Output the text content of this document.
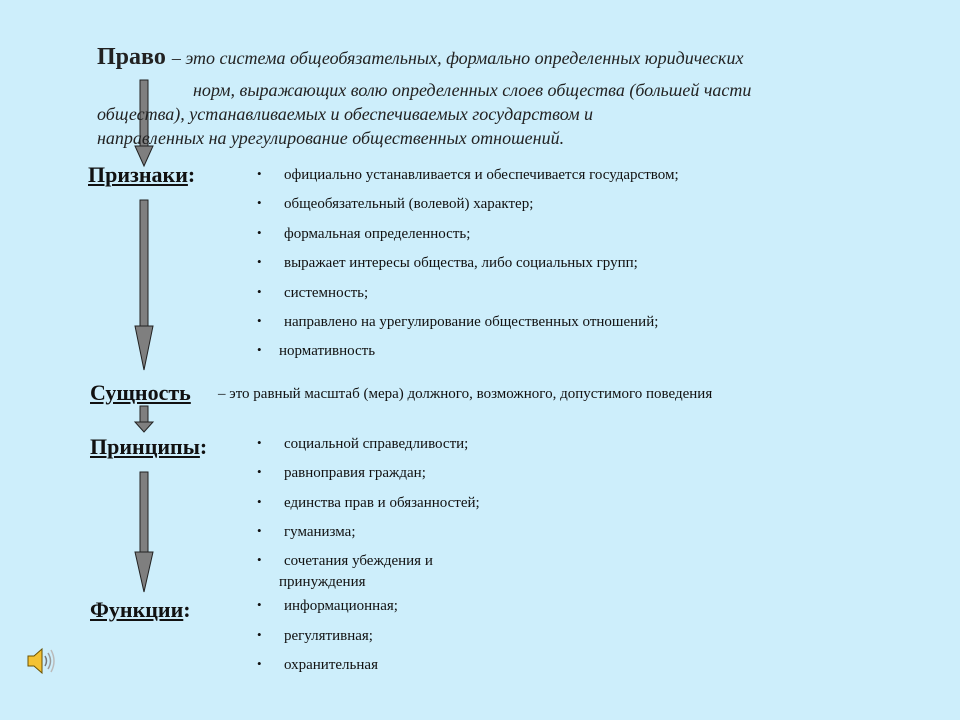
Право – это система общеобязательных, формально определенных юридических
норм, выражающих волю определенных слоев общества (большей части
общества), устанавливаемых и обеспечиваемых государством и
направленных на урегулирование общественных отношений.
Признаки:	• официально устанавливается и обеспечивается государством;
• общеобязательный (волевой) характер;
• формальная определенность;
• выражает интересы общества, либо социальных групп;
• системность;
• направлено на урегулирование общественных отношений;
• нормативность
Сущность – это равный масштаб (мера) должного, возможного, допустимого поведения
Принципы:	• социальной справедливости;
• равноправия граждан;
• единства прав и обязанностей;
• гуманизма;
• сочетания убеждения и
принуждения
Функции:	• информационная;
• регулятивная;
• охранительная
